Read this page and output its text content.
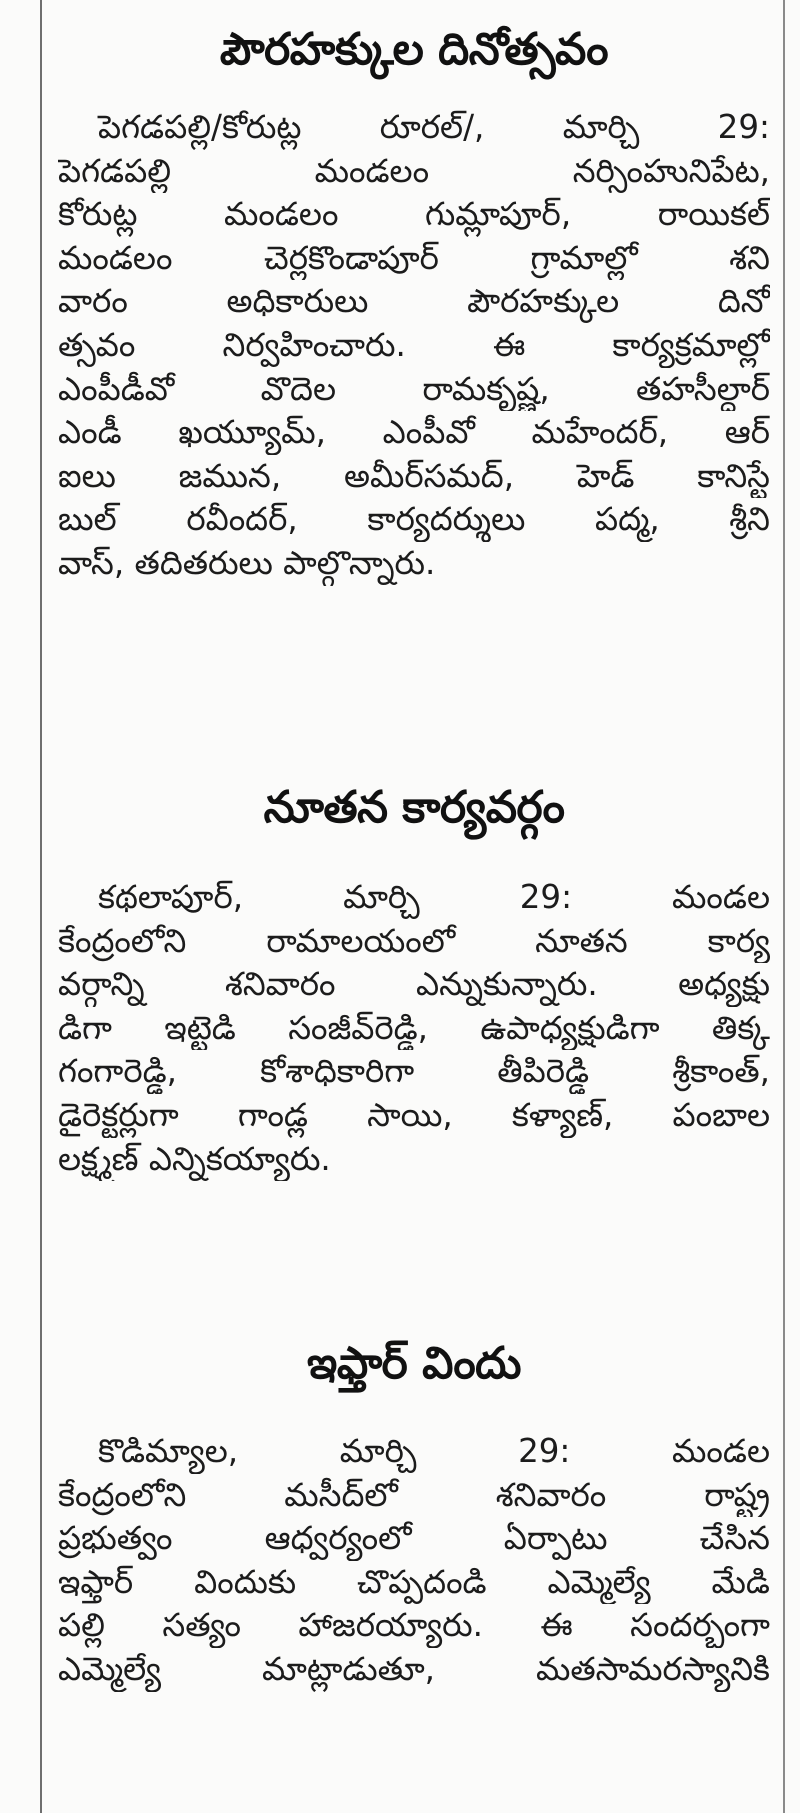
పౌరహక్కుల దినోత్సవం
పెగడపల్లి/కోరుట్ల రూరల్/, మార్చి 29:
పెగడపల్లి మండలం నర్సింహునిపేట,
కోరుట్ల మండలం గుమ్లాపూర్, రాయికల్
మండలం చెర్లకొండాపూర్ గ్రామాల్లో శని
వారం అధికారులు పౌరహక్కుల దినో
త్సవం నిర్వహించారు. ఈ కార్యక్రమాల్లో
ఎంపీడీవో వొదెల రామకృష్ణ, తహసీల్దార్
ఎండీ ఖయ్యూమ్, ఎంపీవో మహేందర్, ఆర్
ఐలు జమున, అమీర్‌సమద్, హెడ్ కానిస్టే
బుల్ రవీందర్, కార్యదర్శులు పద్మ, శ్రీని
వాస్, తదితరులు పాల్గొన్నారు.
నూతన కార్యవర్గం
కథలాపూర్, మార్చి 29: మండల
కేంద్రంలోని రామాలయంలో నూతన కార్య
వర్గాన్ని శనివారం ఎన్నుకున్నారు. అధ్యక్షు
డిగా ఇట్టెడి సంజీవ్‌రెడ్డి, ఉపాధ్యక్షుడిగా తిక్క
గంగారెడ్డి, కోశాధికారిగా తీపిరెడ్డి శ్రీకాంత్,
డైరెక్టర్లుగా గాండ్ల సాయి, కళ్యాణ్, పంబాల
లక్ష్మణ్ ఎన్నికయ్యారు.
ఇఫ్తార్ విందు
కొడిమ్యాల, మార్చి 29: మండల
కేంద్రంలోని మసీద్‌లో శనివారం రాష్ట్ర
ప్రభుత్వం ఆధ్వర్యంలో ఏర్పాటు చేసిన
ఇఫ్తార్ విందుకు చొప్పదండి ఎమ్మెల్యే మేడి
పల్లి సత్యం హాజరయ్యారు. ఈ సందర్భంగా
ఎమ్మెల్యే మాట్లాడుతూ, మతసామరస్యానికి
